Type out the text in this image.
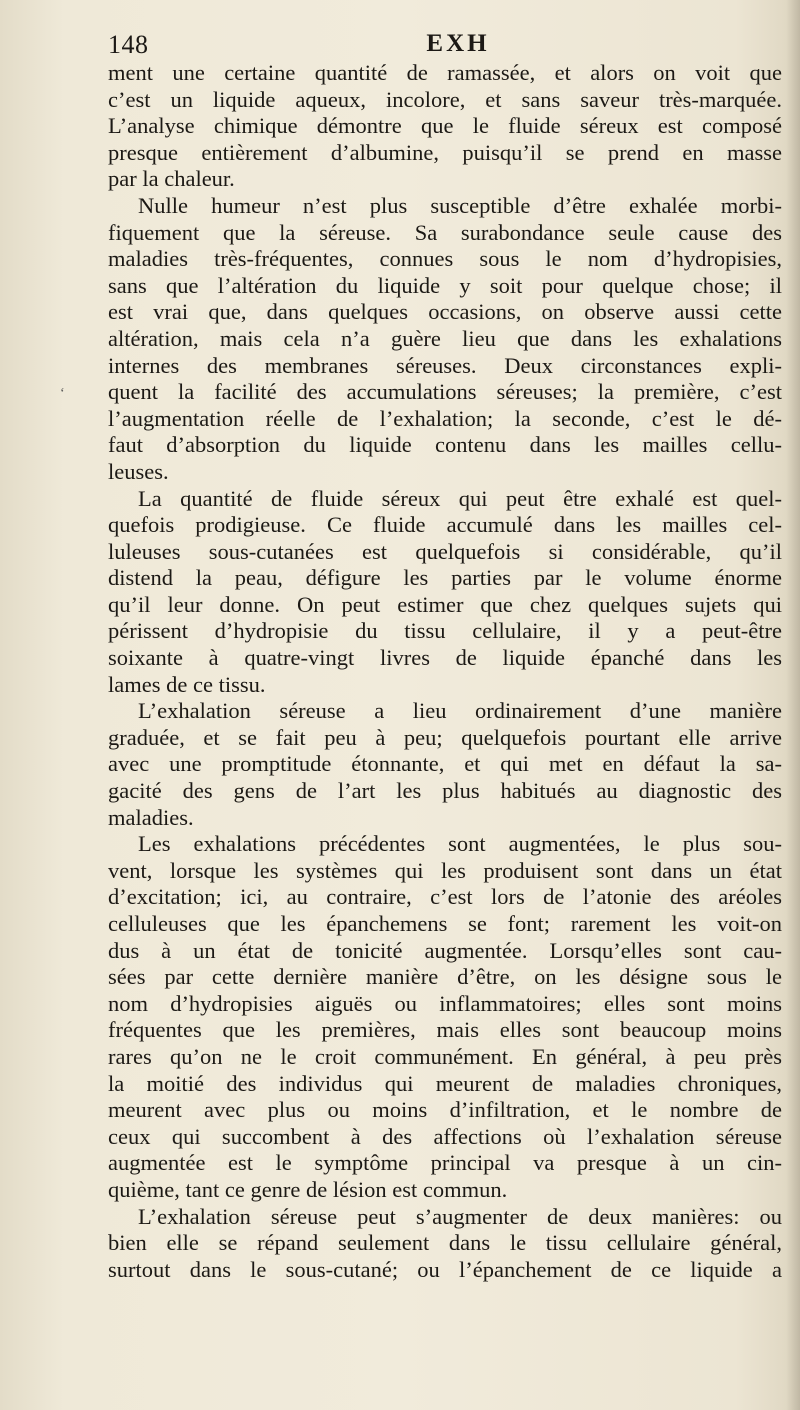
148	EXH
‘
ment une certaine quantité de ramassée, et alors on voit que
c’est un liquide aqueux, incolore, et sans saveur très-marquée.
L’analyse chimique démontre que le fluide séreux est composé
presque entièrement d’albumine, puisqu’il se prend en masse
par la chaleur.
Nulle humeur n’est plus susceptible d’être exhalée morbi-
fiquement que la séreuse. Sa surabondance seule cause des
maladies très-fréquentes, connues sous le nom d’hydropisies,
sans que l’altération du liquide y soit pour quelque chose; il
est vrai que, dans quelques occasions, on observe aussi cette
altération, mais cela n’a guère lieu que dans les exhalations
internes des membranes séreuses. Deux circonstances expli-
quent la facilité des accumulations séreuses; la première, c’est
l’augmentation réelle de l’exhalation; la seconde, c’est le dé-
faut d’absorption du liquide contenu dans les mailles cellu-
leuses.
La quantité de fluide séreux qui peut être exhalé est quel-
quefois prodigieuse. Ce fluide accumulé dans les mailles cel-
luleuses sous-cutanées est quelquefois si considérable, qu’il
distend la peau, défigure les parties par le volume énorme
qu’il leur donne. On peut estimer que chez quelques sujets qui
périssent d’hydropisie du tissu cellulaire, il y a peut-être
soixante à quatre-vingt livres de liquide épanché dans les
lames de ce tissu.
L’exhalation séreuse a lieu ordinairement d’une manière
graduée, et se fait peu à peu; quelquefois pourtant elle arrive
avec une promptitude étonnante, et qui met en défaut la sa-
gacité des gens de l’art les plus habitués au diagnostic des
maladies.
Les exhalations précédentes sont augmentées, le plus sou-
vent, lorsque les systèmes qui les produisent sont dans un état
d’excitation; ici, au contraire, c’est lors de l’atonie des aréoles
celluleuses que les épanchemens se font; rarement les voit-on
dus à un état de tonicité augmentée. Lorsqu’elles sont cau-
sées par cette dernière manière d’être, on les désigne sous le
nom d’hydropisies aiguës ou inflammatoires; elles sont moins
fréquentes que les premières, mais elles sont beaucoup moins
rares qu’on ne le croit communément. En général, à peu près
la moitié des individus qui meurent de maladies chroniques,
meurent avec plus ou moins d’infiltration, et le nombre de
ceux qui succombent à des affections où l’exhalation séreuse
augmentée est le symptôme principal va presque à un cin-
quième, tant ce genre de lésion est commun.
L’exhalation séreuse peut s’augmenter de deux manières: ou
bien elle se répand seulement dans le tissu cellulaire général,
surtout dans le sous-cutané; ou l’épanchement de ce liquide a
